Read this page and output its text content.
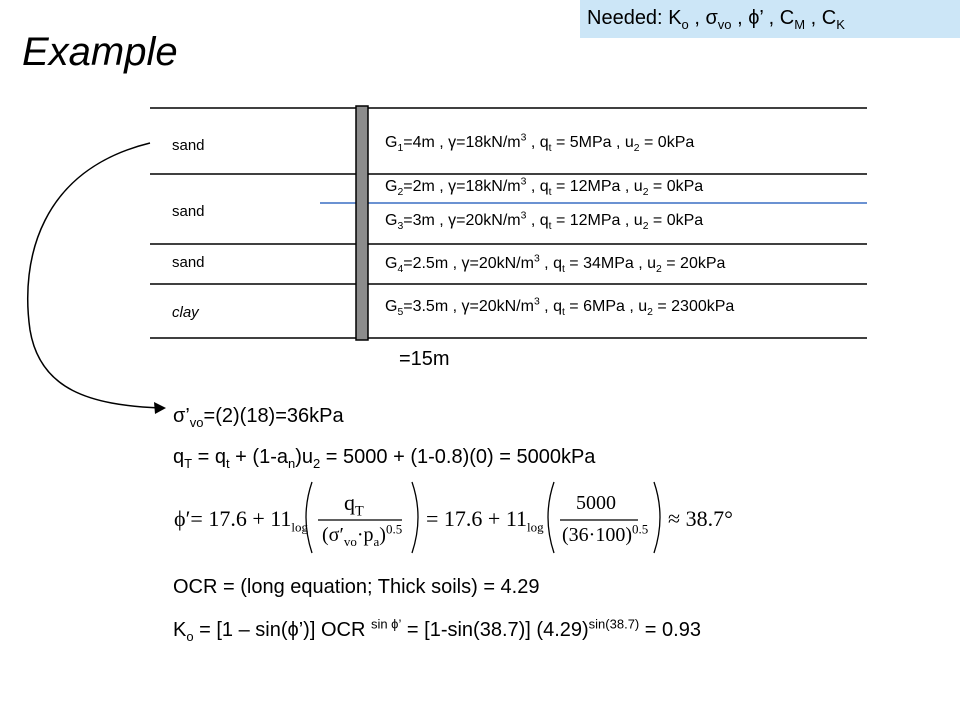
Needed: $K_o$ , $\sigma_{vo}$ , ϕ’ , $C_M$ , $C_K$
Example
sand
sand
sand
clay
$G_1=4m$ , $\gamma=18kN/m^3$ , $q_t = 5MPa$ , $u_2 = 0kPa$
$G_2=2m$ , $\gamma=18kN/m^3$ , $q_t = 12MPa$ , $u_2 = 0kPa$
$G_3=3m$ , $\gamma=20kN/m^3$ , $q_t = 12MPa$ , $u_2 = 0kPa$
$G_4=2.5m$ , $\gamma=20kN/m^3$ , $q_t = 34MPa$ , $u_2 = 20kPa$
$G_5=3.5m$ , $\gamma=20kN/m^3$ , $q_t = 6MPa$ , $u_2 = 2300kPa$
=15m
$\sigma’_{vo}=(2)(18)=36kPa$
$q_T = q_t + (1-a_n)u_2 = 5000 + (1-0.8)(0) = 5000kPa$
$\phi'= 17.6 + 11_{log}$
$q_T$
$(\sigma'_{vo}\cdot p_a)^{0.5} = 17.6 + 11_{log}$
5000
$(36\cdot 100)^{0.5} \approx 38.7^\circ$
OCR = (long equation; Thick soils) = 4.29
$K_o = [1$ – sin(ϕ’)] OCR $^{sin \phi’}$ = [1-sin(38.7)] $(4.29)^{sin(38.7)} = 0.93$
